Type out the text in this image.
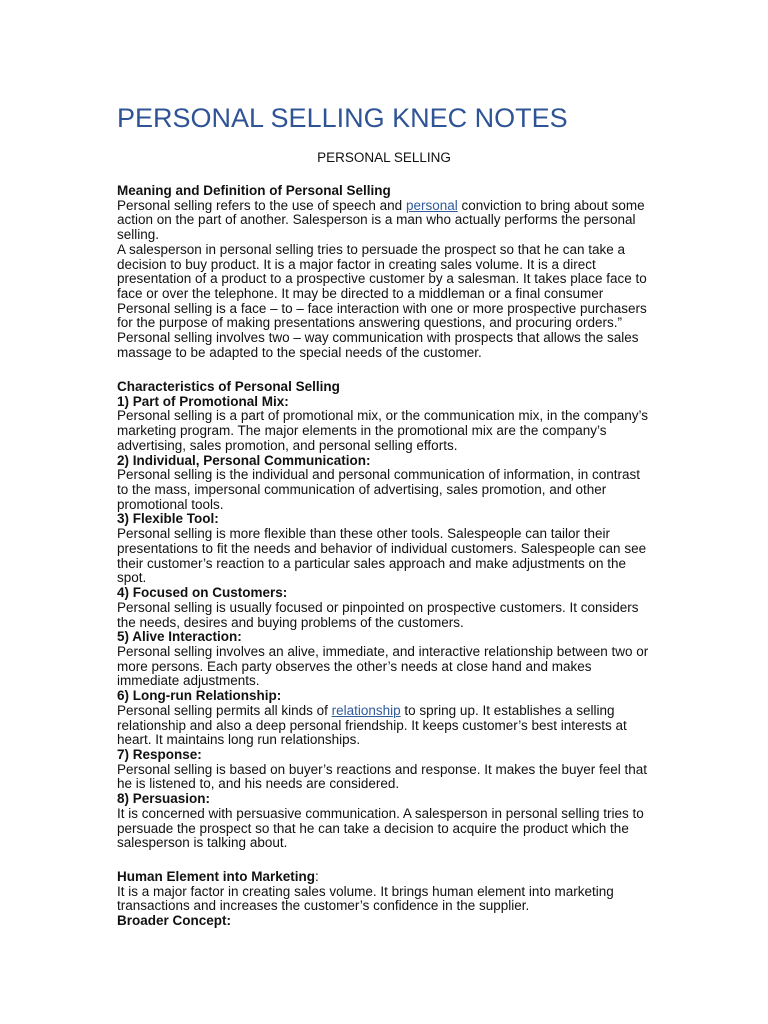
PERSONAL SELLING KNEC NOTES
PERSONAL SELLING
Meaning and Definition of Personal Selling
Personal selling refers to the use of speech and personal conviction to bring about some
action on the part of another. Salesperson is a man who actually performs the personal
selling.
A salesperson in personal selling tries to persuade the prospect so that he can take a
decision to buy product. It is a major factor in creating sales volume. It is a direct
presentation of a product to a prospective customer by a salesman. It takes place face to
face or over the telephone. It may be directed to a middleman or a final consumer
Personal selling is a face – to – face interaction with one or more prospective purchasers
for the purpose of making presentations answering questions, and procuring orders.”
Personal selling involves two – way communication with prospects that allows the sales
massage to be adapted to the special needs of the customer.
Characteristics of Personal Selling
1) Part of Promotional Mix:
Personal selling is a part of promotional mix, or the communication mix, in the company’s
marketing program. The major elements in the promotional mix are the company’s
advertising, sales promotion, and personal selling efforts.
2) Individual, Personal Communication:
Personal selling is the individual and personal communication of information, in contrast
to the mass, impersonal communication of advertising, sales promotion, and other
promotional tools.
3) Flexible Tool:
Personal selling is more flexible than these other tools. Salespeople can tailor their
presentations to fit the needs and behavior of individual customers. Salespeople can see
their customer’s reaction to a particular sales approach and make adjustments on the
spot.
4) Focused on Customers:
Personal selling is usually focused or pinpointed on prospective customers. It considers
the needs, desires and buying problems of the customers.
5) Alive Interaction:
Personal selling involves an alive, immediate, and interactive relationship between two or
more persons. Each party observes the other’s needs at close hand and makes
immediate adjustments.
6) Long-run Relationship:
Personal selling permits all kinds of relationship to spring up. It establishes a selling
relationship and also a deep personal friendship. It keeps customer’s best interests at
heart. It maintains long run relationships.
7) Response:
Personal selling is based on buyer’s reactions and response. It makes the buyer feel that
he is listened to, and his needs are considered.
8) Persuasion:
It is concerned with persuasive communication. A salesperson in personal selling tries to
persuade the prospect so that he can take a decision to acquire the product which the
salesperson is talking about.
Human Element into Marketing:
It is a major factor in creating sales volume. It brings human element into marketing
transactions and increases the customer’s confidence in the supplier.
Broader Concept:
